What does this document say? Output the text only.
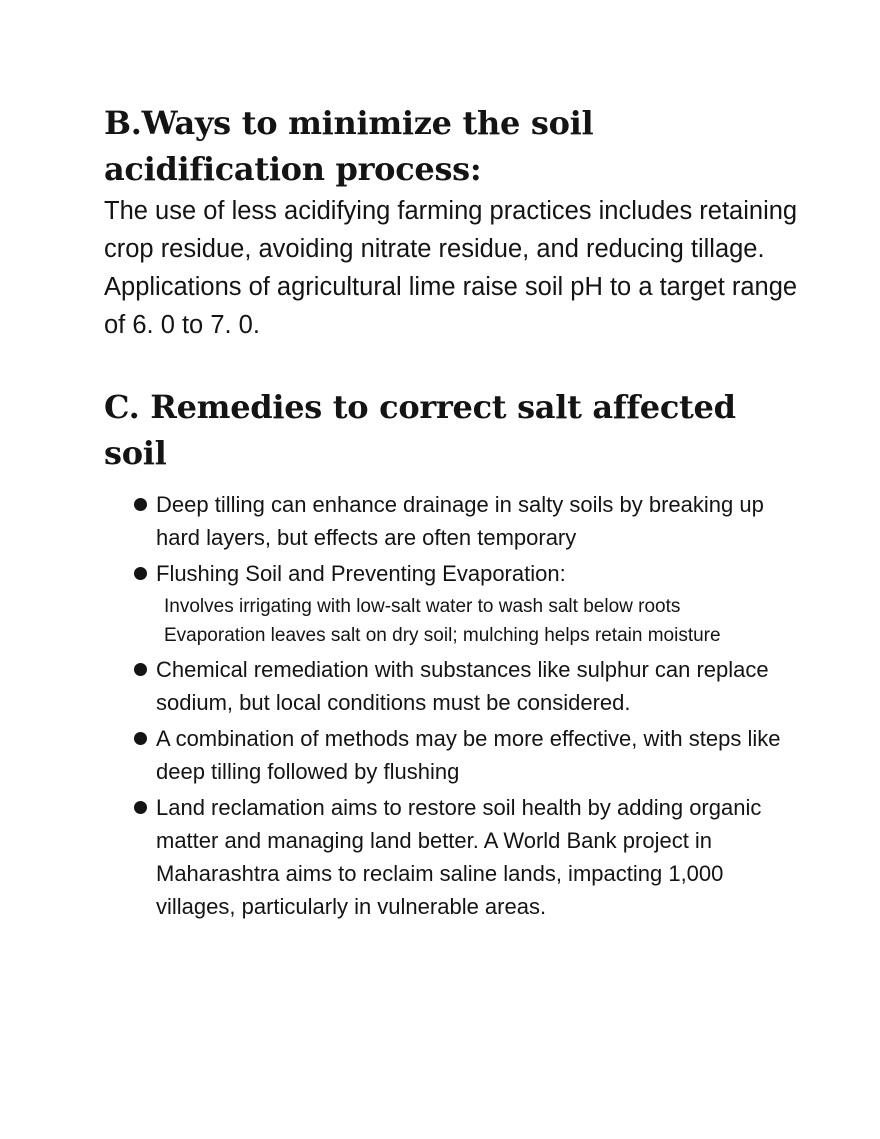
B.Ways to minimize the soil acidification process:

The use of less acidifying farming practices includes retaining crop residue, avoiding nitrate residue, and reducing tillage.

Applications of agricultural lime raise soil pH to a target range of 6. 0 to 7. 0.

C. Remedies to correct salt affected soil
Deep tilling can enhance drainage in salty soils by breaking up hard layers, but effects are often temporary
Flushing Soil and Preventing Evaporation:
Involves irrigating with low-salt water to wash salt below roots
Evaporation leaves salt on dry soil; mulching helps retain moisture
Chemical remediation with substances like sulphur can replace sodium, but local conditions must be considered.
A combination of methods may be more effective, with steps like deep tilling followed by flushing
Land reclamation aims to restore soil health by adding organic matter and managing land better. A World Bank project in Maharashtra aims to reclaim saline lands, impacting 1,000 villages, particularly in vulnerable areas.
